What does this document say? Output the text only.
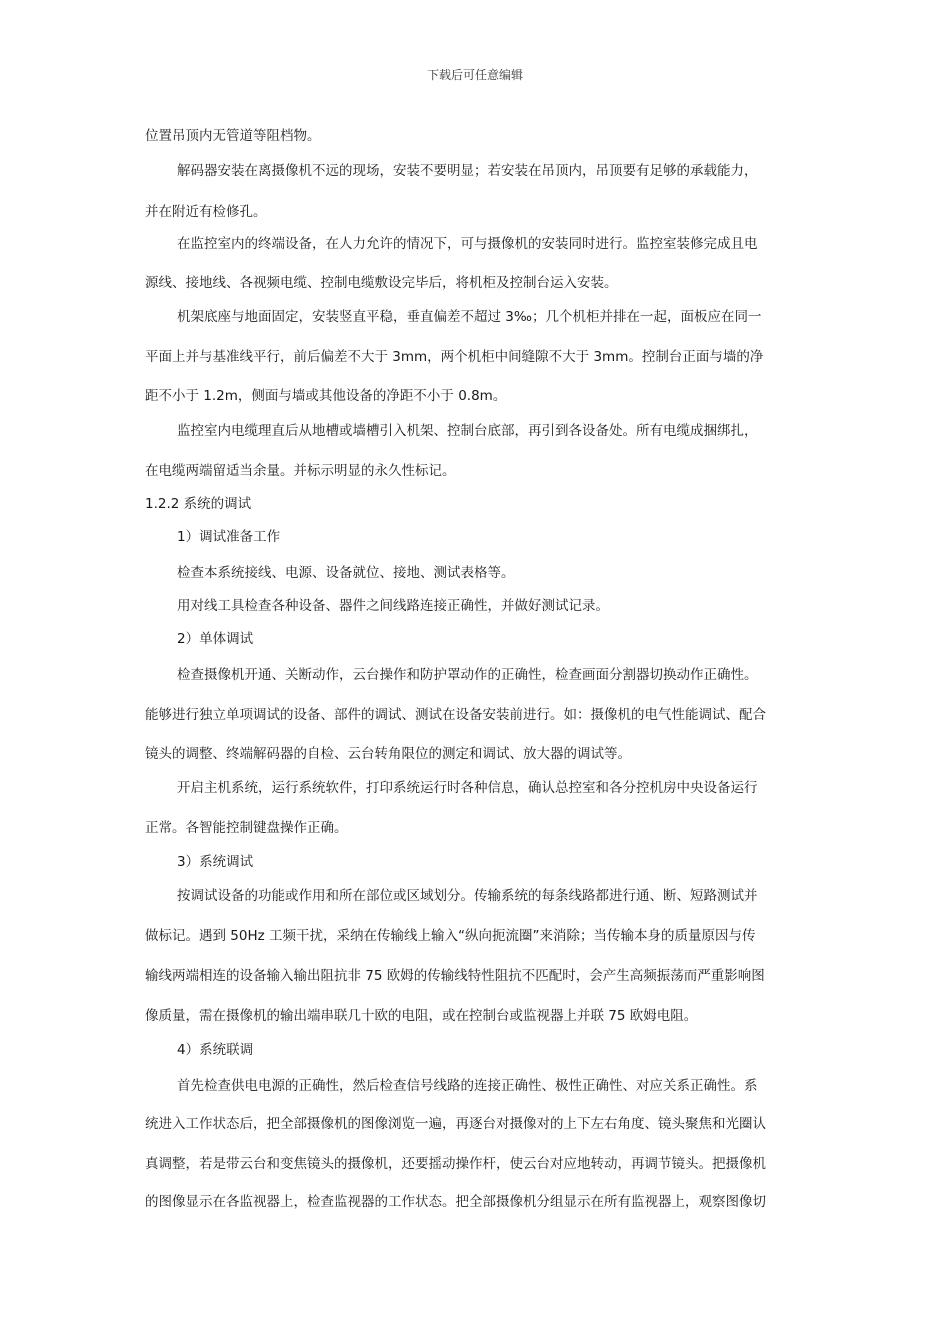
下载后可任意编辑
位置吊顶内无管道等阻档物。
解码器安装在离摄像机不远的现场，安装不要明显；若安装在吊顶内，吊顶要有足够的承载能力，
并在附近有检修孔。
在监控室内的终端设备，在人力允许的情况下，可与摄像机的安装同时进行。监控室装修完成且电
源线、接地线、各视频电缆、控制电缆敷设完毕后，将机柜及控制台运入安装。
机架底座与地面固定，安装竖直平稳，垂直偏差不超过 3‰；几个机柜并排在一起，面板应在同一
平面上并与基准线平行，前后偏差不大于 3mm，两个机柜中间缝隙不大于 3mm。控制台正面与墙的净
距不小于 1.2m，侧面与墙或其他设备的净距不小于 0.8m。
监控室内电缆理直后从地槽或墙槽引入机架、控制台底部，再引到各设备处。所有电缆成捆绑扎，
在电缆两端留适当余量。并标示明显的永久性标记。
1.2.2 系统的调试
1）调试准备工作
检查本系统接线、电源、设备就位、接地、测试表格等。
用对线工具检查各种设备、器件之间线路连接正确性，并做好测试记录。
2）单体调试
检查摄像机开通、关断动作，云台操作和防护罩动作的正确性，检查画面分割器切换动作正确性。
能够进行独立单项调试的设备、部件的调试、测试在设备安装前进行。如：摄像机的电气性能调试、配合
镜头的调整、终端解码器的自检、云台转角限位的测定和调试、放大器的调试等。
开启主机系统，运行系统软件，打印系统运行时各种信息，确认总控室和各分控机房中央设备运行
正常。各智能控制键盘操作正确。
3）系统调试
按调试设备的功能或作用和所在部位或区域划分。传输系统的每条线路都进行通、断、短路测试并
做标记。遇到 50Hz 工频干扰，采纳在传输线上输入“纵向扼流圈”来消除；当传输本身的质量原因与传
输线两端相连的设备输入输出阻抗非 75 欧姆的传输线特性阻抗不匹配时，会产生高频振荡而严重影响图
像质量，需在摄像机的输出端串联几十欧的电阻，或在控制台或监视器上并联 75 欧姆电阻。
4）系统联调
首先检查供电电源的正确性，然后检查信号线路的连接正确性、极性正确性、对应关系正确性。系
统进入工作状态后，把全部摄像机的图像浏览一遍，再逐台对摄像对的上下左右角度、镜头聚焦和光圈认
真调整，若是带云台和变焦镜头的摄像机，还要摇动操作杆，使云台对应地转动，再调节镜头。把摄像机
的图像显示在各监视器上，检查监视器的工作状态。把全部摄像机分组显示在所有监视器上，观察图像切
